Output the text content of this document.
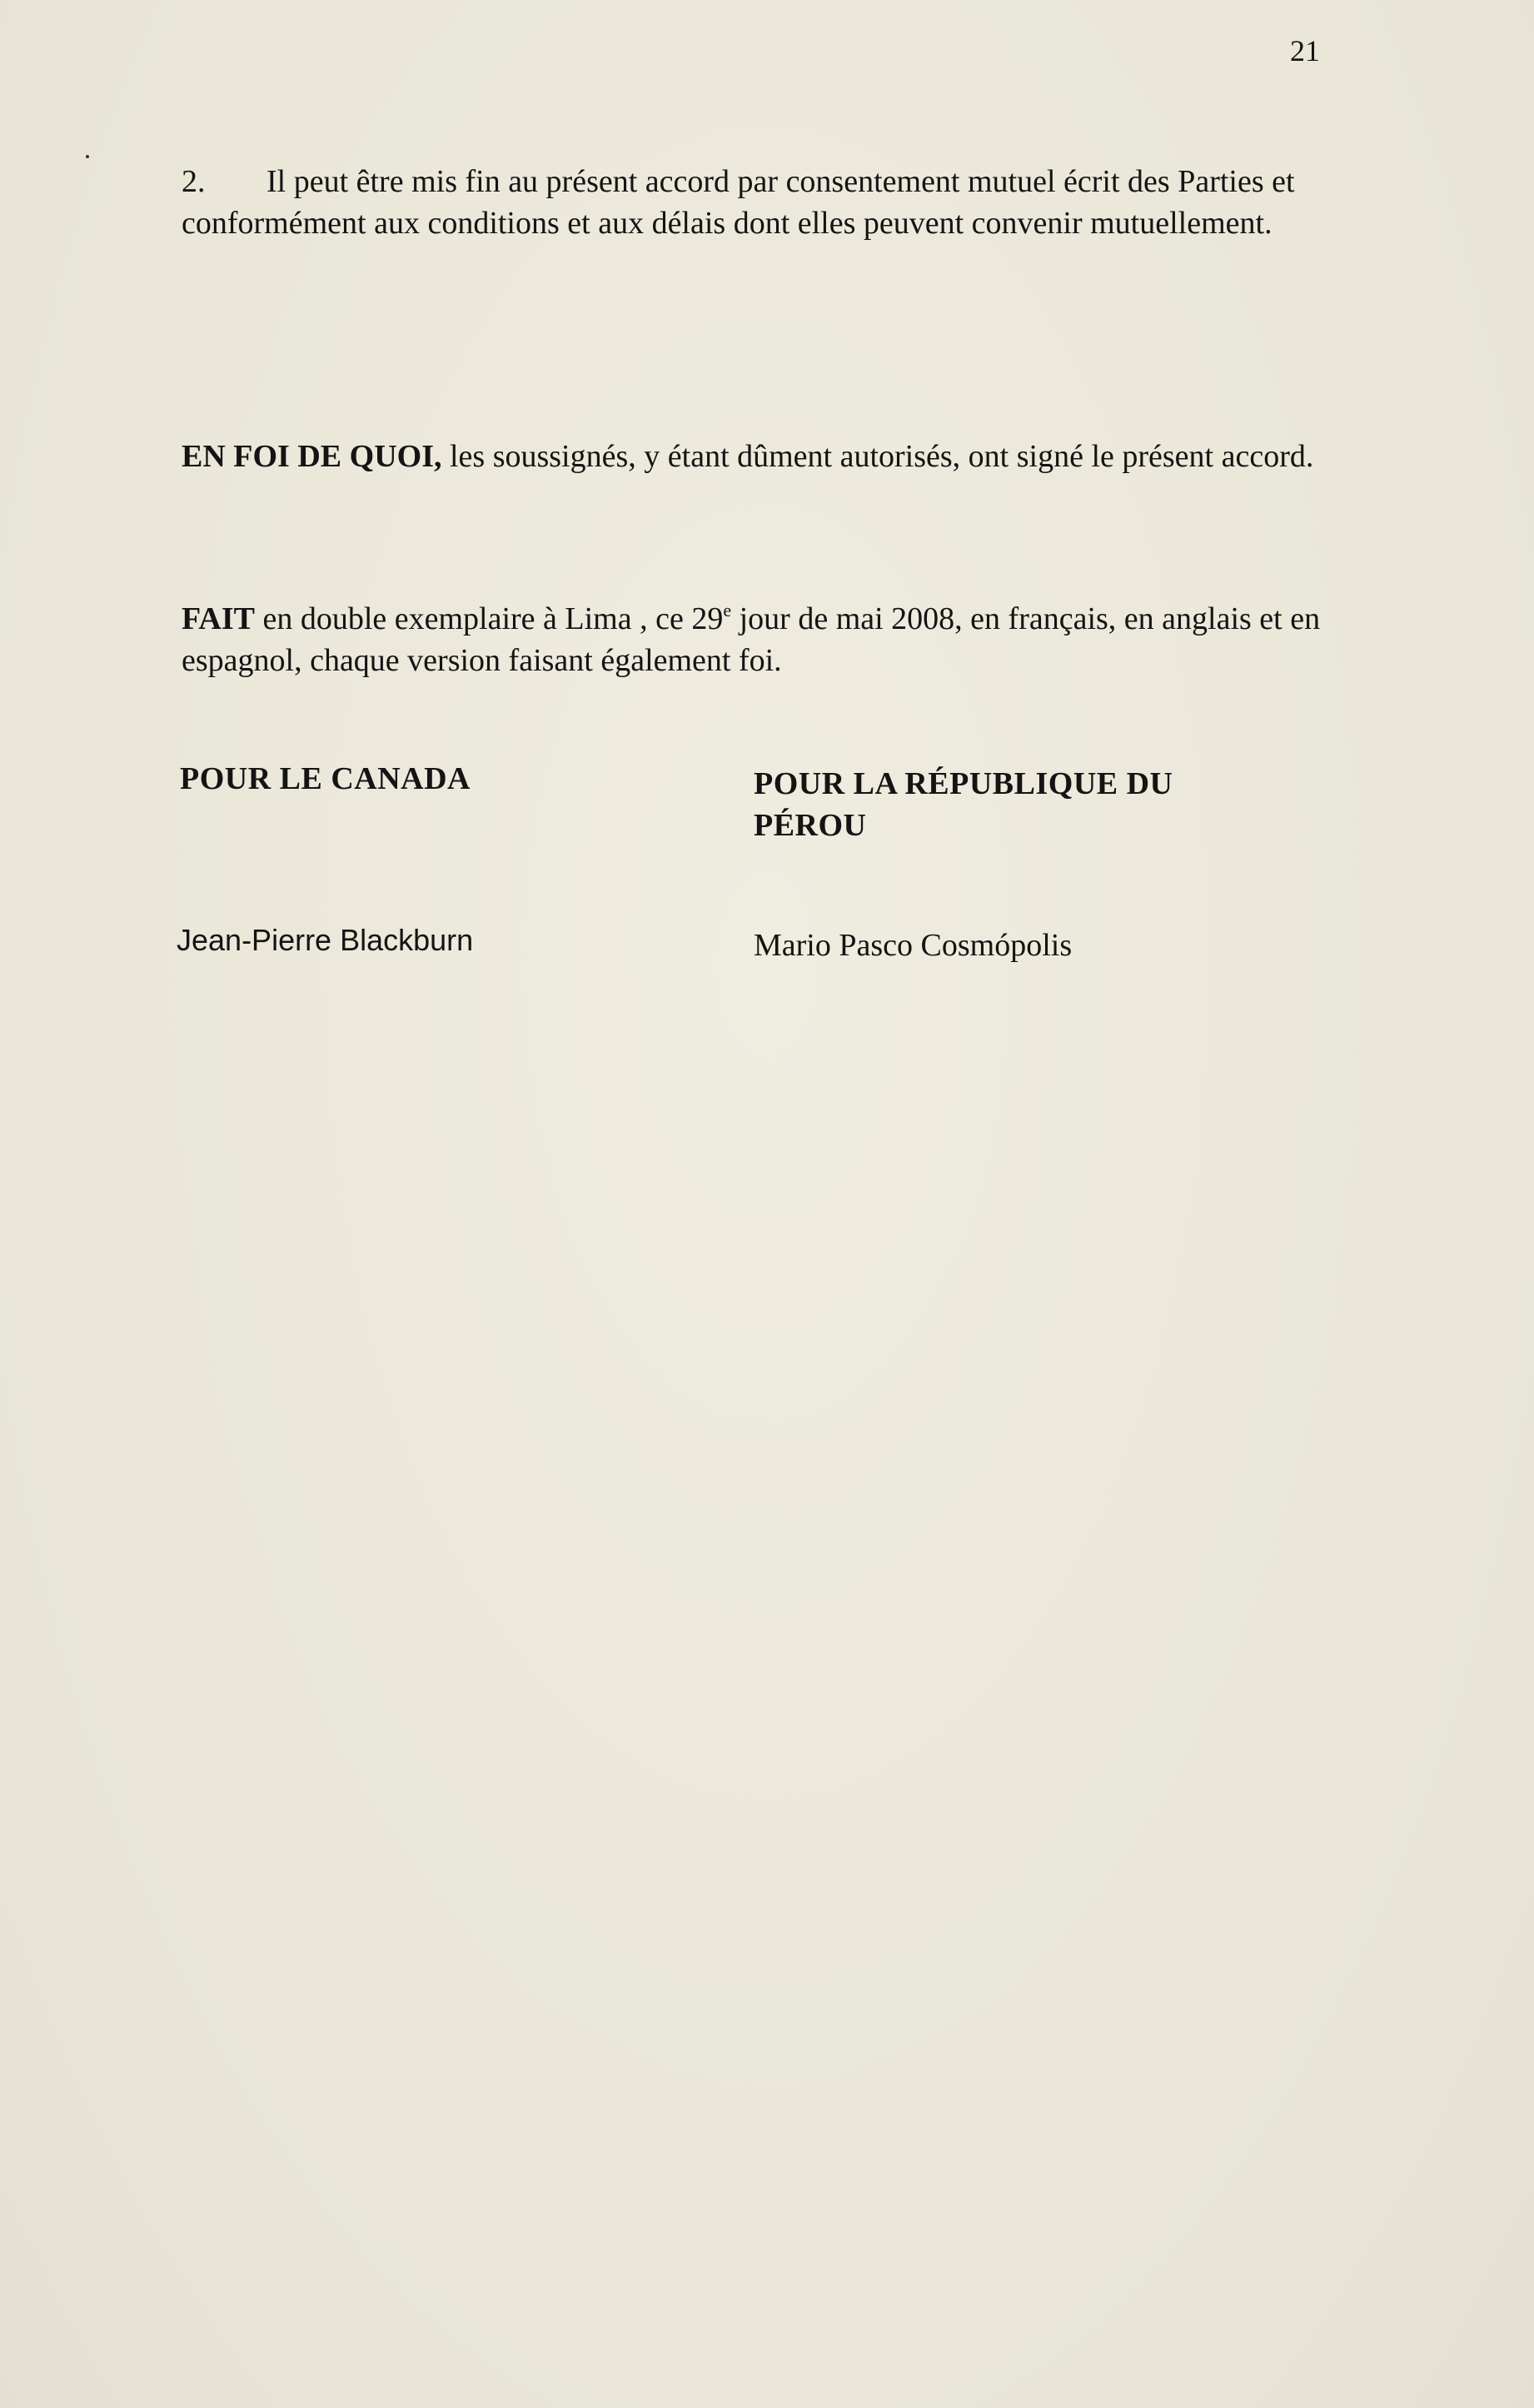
21
2. Il peut être mis fin au présent accord par consentement mutuel écrit des Parties et conformément aux conditions et aux délais dont elles peuvent convenir mutuellement.
EN FOI DE QUOI, les soussignés, y étant dûment autorisés, ont signé le présent accord.
FAIT en double exemplaire à Lima , ce 29e jour de mai 2008, en français, en anglais et en espagnol, chaque version faisant également foi.
POUR LE CANADA	POUR LA RÉPUBLIQUE DU PÉROU
Jean-Pierre Blackburn	Mario Pasco Cosmópolis
